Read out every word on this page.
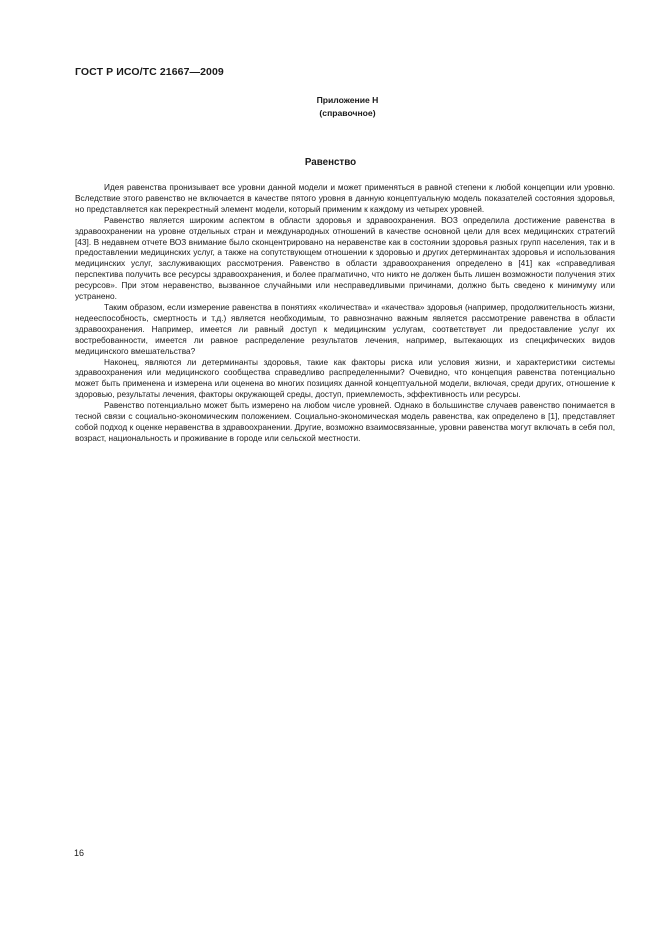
ГОСТ Р ИСО/ТС 21667—2009
Приложение Н
(справочное)
Равенство

Идея равенства пронизывает все уровни данной модели и может применяться в равной степени к любой концепции или уровню. Вследствие этого равенство не включается в качестве пятого уровня в данную концептуальную модель показателей состояния здоровья, но представляется как перекрестный элемент модели, который применим к каждому из четырех уровней.

Равенство является широким аспектом в области здоровья и здравоохранения. ВОЗ определила достижение равенства в здравоохранении на уровне отдельных стран и международных отношений в качестве основной цели для всех медицинских стратегий [43]. В недавнем отчете ВОЗ внимание было сконцентрировано на неравенстве как в состоянии здоровья разных групп населения, так и в предоставлении медицинских услуг, а также на сопутствующем отношении к здоровью и других детерминантах здоровья и использования медицинских услуг, заслуживающих рассмотрения. Равенство в области здравоохранения определено в [41] как «справедливая перспектива получить все ресурсы здравоохранения, и более прагматично, что никто не должен быть лишен возможности получения этих ресурсов». При этом неравенство, вызванное случайными или несправедливыми причинами, должно быть сведено к минимуму или устранено.

Таким образом, если измерение равенства в понятиях «количества» и «качества» здоровья (например, продолжительность жизни, недееспособность, смертность и т.д.) является необходимым, то равнозначно важным является рассмотрение равенства в области здравоохранения. Например, имеется ли равный доступ к медицинским услугам, соответствует ли предоставление услуг их востребованности, имеется ли равное распределение результатов лечения, например, вытекающих из специфических видов медицинского вмешательства?

Наконец, являются ли детерминанты здоровья, такие как факторы риска или условия жизни, и характеристики системы здравоохранения или медицинского сообщества справедливо распределенными? Очевидно, что концепция равенства потенциально может быть применена и измерена или оценена во многих позициях данной концептуальной модели, включая, среди других, отношение к здоровью, результаты лечения, факторы окружающей среды, доступ, приемлемость, эффективность или ресурсы.

Равенство потенциально может быть измерено на любом числе уровней. Однако в большинстве случаев равенство понимается в тесной связи с социально-экономическим положением. Социально-экономическая модель равенства, как определено в [1], представляет собой подход к оценке неравенства в здравоохранении. Другие, возможно взаимосвязанные, уровни равенства могут включать в себя пол, возраст, национальность и проживание в городе или сельской местности.

16
